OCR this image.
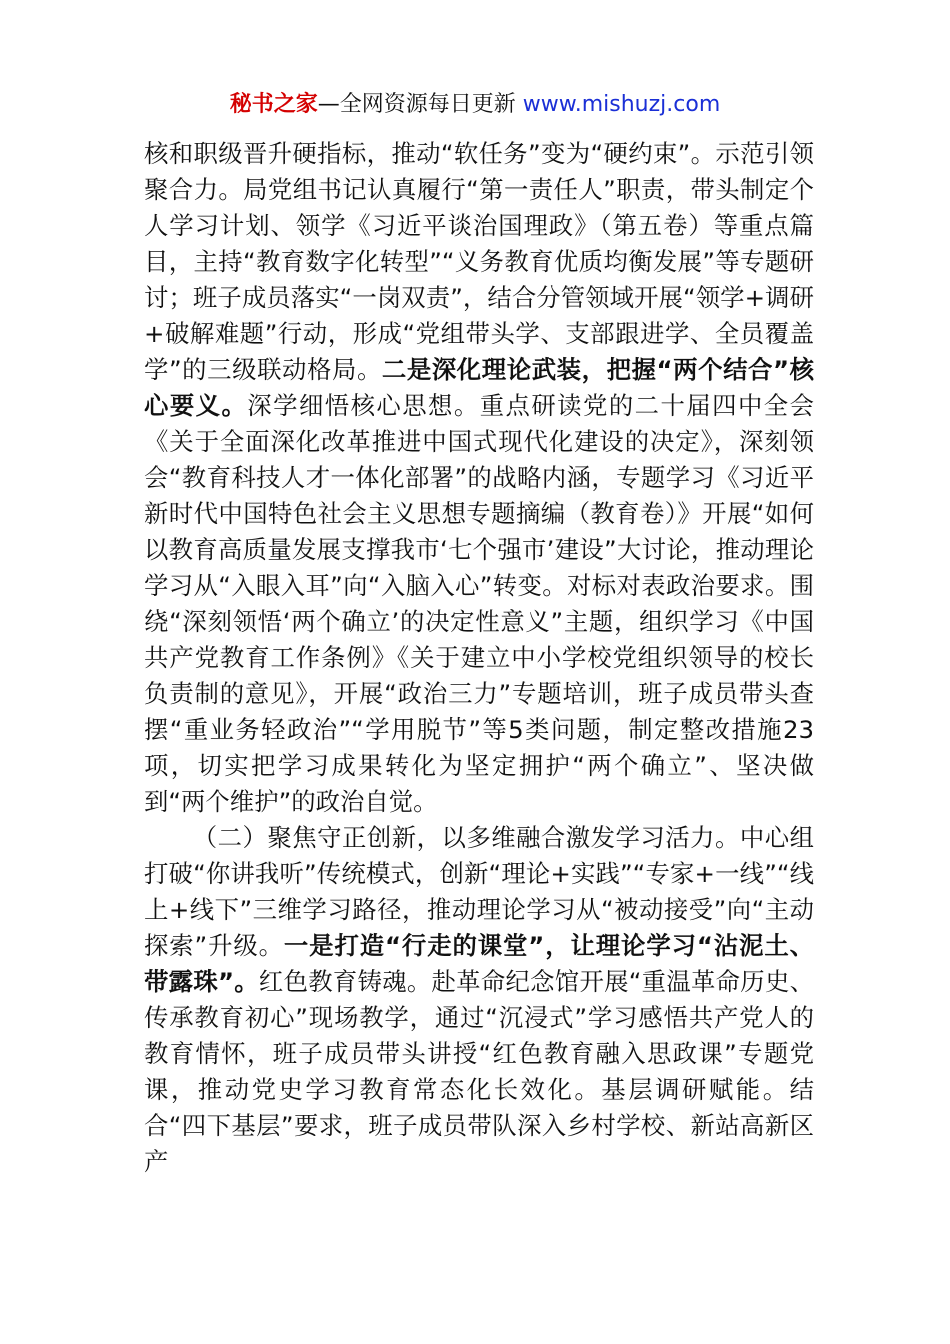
秘书之家—全网资源每日更新 www.mishuzj.com

核和职级晋升硬指标，推动“软任务”变为“硬约束”。示范引领聚合力。局党组书记认真履行“第一责任人”职责，带头制定个人学习计划、领学《习近平谈治国理政》（第五卷）等重点篇目，主持“教育数字化转型”“义务教育优质均衡发展”等专题研讨；班子成员落实“一岗双责”，结合分管领域开展“领学+调研+破解难题”行动，形成“党组带头学、支部跟进学、全员覆盖学”的三级联动格局。二是深化理论武装，把握“两个结合”核心要义。深学细悟核心思想。重点研读党的二十届四中全会《关于全面深化改革推进中国式现代化建设的决定》，深刻领会“教育科技人才一体化部署”的战略内涵，专题学习《习近平新时代中国特色社会主义思想专题摘编（教育卷）》开展“如何以教育高质量发展支撑我市‘七个强市’建设”大讨论，推动理论学习从“入眼入耳”向“入脑入心”转变。对标对表政治要求。围绕“深刻领悟‘两个确立’的决定性意义”主题，组织学习《中国共产党教育工作条例》《关于建立中小学校党组织领导的校长负责制的意见》，开展“政治三力”专题培训，班子成员带头查摆“重业务轻政治”“学用脱节”等5类问题，制定整改措施23项，切实把学习成果转化为坚定拥护“两个确立”、坚决做到“两个维护”的政治自觉。

（二）聚焦守正创新，以多维融合激发学习活力。中心组打破“你讲我听”传统模式，创新“理论+实践”“专家+一线”“线上+线下”三维学习路径，推动理论学习从“被动接受”向“主动探索”升级。一是打造“行走的课堂”，让理论学习“沾泥土、带露珠”。红色教育铸魂。赴革命纪念馆开展“重温革命历史、传承教育初心”现场教学，通过“沉浸式”学习感悟共产党人的教育情怀，班子成员带头讲授“红色教育融入思政课”专题党课，推动党史学习教育常态化长效化。基层调研赋能。结合“四下基层”要求，班子成员带队深入乡村学校、新站高新区产
